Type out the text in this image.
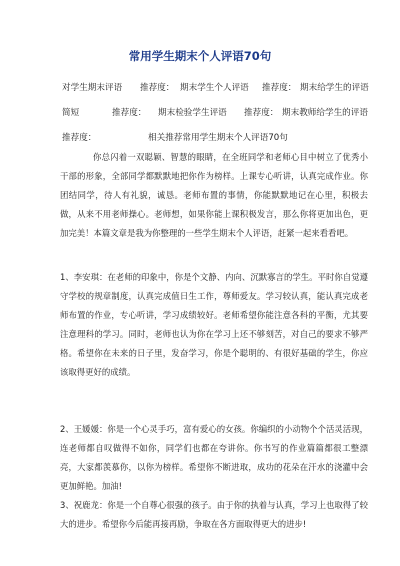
常用学生期末个人评语70句
对学生期末评语 推荐度： 期末学生个人评语 推荐度： 期末给学生的评语
简短	推荐度： 期末检验学生评语 推荐度： 期末教师给学生的评语
推荐度：	相关推荐常用学生期末个人评语70句

你总闪着一双聪颖、智慧的眼睛，在全班同学和老师心目中树立了优秀小干部的形象，全部同学都默默地把你作为榜样。上课专心听讲，认真完成作业。你团结同学，待人有礼貌，诚恳。老师布置的事情，你能默默地记在心里，积极去做，从来不用老师操心。老师想，如果你能上课积极发言，那么你将更加出色，更加完美！本篇文章是我为你整理的一些学生期末个人评语，赶紧一起来看看吧。

1、李安琪：在老师的印象中，你是个文静、内向、沉默寡言的学生。平时你自觉遵守学校的规章制度，认真完成值日生工作，尊师爱友。学习较认真，能认真完成老师布置的作业，专心听讲，学习成绩较好。老师希望你能注意各科的平衡，尤其要注意理科的学习。同时，老师也认为你在学习上还不够刻苦，对自己的要求不够严格。希望你在未来的日子里，发奋学习，你是个聪明的、有很好基础的学生，你应该取得更好的成绩。

2、王媛媛：你是一个心灵手巧，富有爱心的女孩。你编织的小动物个个活灵活现，连老师都自叹做得不如你，同学们也都在夸讲你。你书写的作业篇篇都很工整漂亮，大家都羡慕你，以你为榜样。希望你不断进取，成功的花朵在汗水的浇灌中会更加鲜艳。加油!

3、祝鹿龙：你是一个自尊心很强的孩子。由于你的执着与认真，学习上也取得了较大的进步。希望你今后能再接再励，争取在各方面取得更大的进步!
